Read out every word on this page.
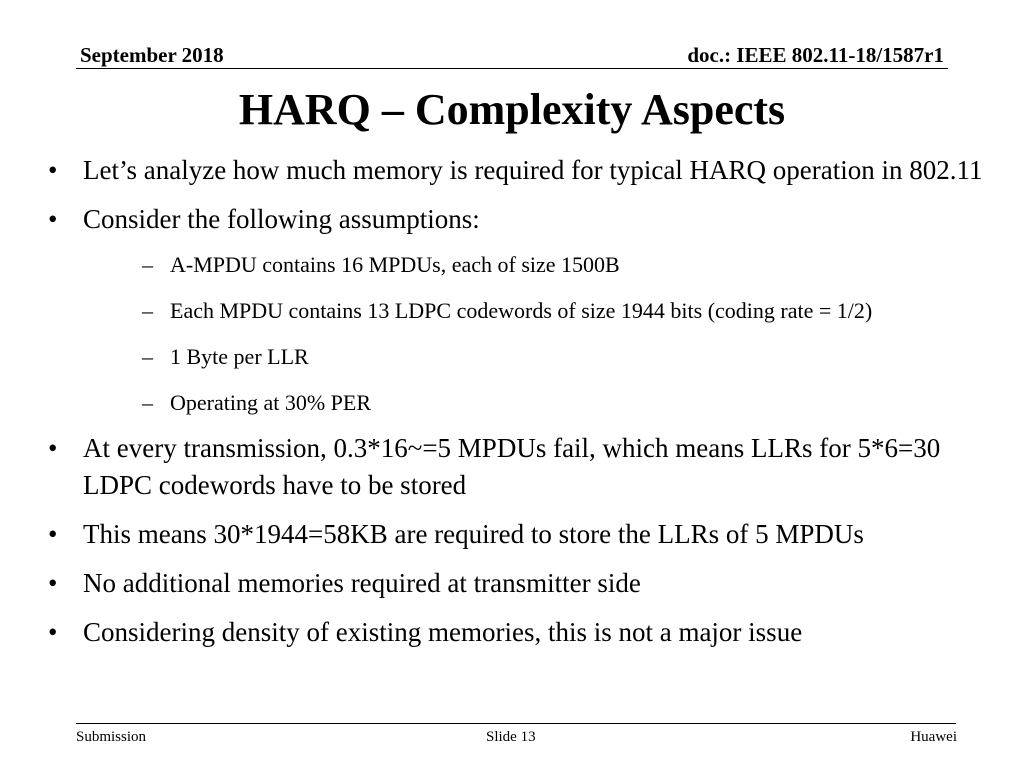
September 2018	doc.: IEEE 802.11-18/1587r1
HARQ – Complexity Aspects
• Let’s analyze how much memory is required for typical HARQ operation in 802.11
• Consider the following assumptions:
– A-MPDU contains 16 MPDUs, each of size 1500B
– Each MPDU contains 13 LDPC codewords of size 1944 bits (coding rate = 1/2)
– 1 Byte per LLR
– Operating at 30% PER
• At every transmission, 0.3*16~=5 MPDUs fail, which means LLRs for 5*6=30 LDPC codewords have to be stored
• This means 30*1944=58KB are required to store the LLRs of 5 MPDUs
• No additional memories required at transmitter side
• Considering density of existing memories, this is not a major issue
Submission	Slide 13	Huawei
